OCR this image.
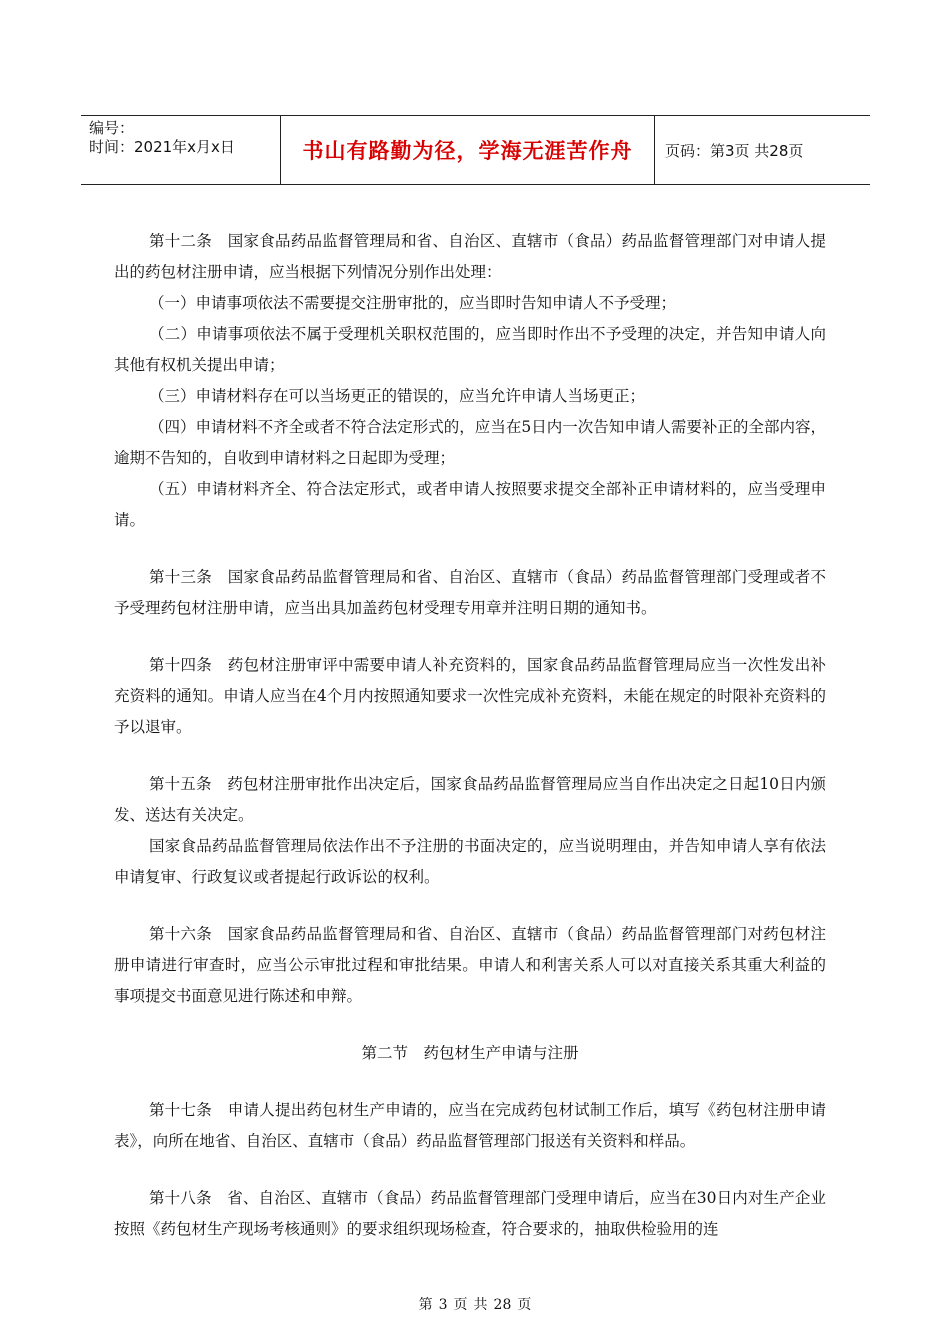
编号：
时间：2021年x月x日	书山有路勤为径，学海无涯苦作舟	页码：第3页 共28页

第十二条　国家食品药品监督管理局和省、自治区、直辖市（食品）药品监督管理部门对申请人提出的药包材注册申请，应当根据下列情况分别作出处理：

（一）申请事项依法不需要提交注册审批的，应当即时告知申请人不予受理；

（二）申请事项依法不属于受理机关职权范围的，应当即时作出不予受理的决定，并告知申请人向其他有权机关提出申请；

（三）申请材料存在可以当场更正的错误的，应当允许申请人当场更正；

（四）申请材料不齐全或者不符合法定形式的，应当在5日内一次告知申请人需要补正的全部内容，逾期不告知的，自收到申请材料之日起即为受理；

（五）申请材料齐全、符合法定形式，或者申请人按照要求提交全部补正申请材料的，应当受理申请。

第十三条　国家食品药品监督管理局和省、自治区、直辖市（食品）药品监督管理部门受理或者不予受理药包材注册申请，应当出具加盖药包材受理专用章并注明日期的通知书。

第十四条　药包材注册审评中需要申请人补充资料的，国家食品药品监督管理局应当一次性发出补充资料的通知。申请人应当在4个月内按照通知要求一次性完成补充资料，未能在规定的时限补充资料的予以退审。

第十五条　药包材注册审批作出决定后，国家食品药品监督管理局应当自作出决定之日起10日内颁发、送达有关决定。

国家食品药品监督管理局依法作出不予注册的书面决定的，应当说明理由，并告知申请人享有依法申请复审、行政复议或者提起行政诉讼的权利。

第十六条　国家食品药品监督管理局和省、自治区、直辖市（食品）药品监督管理部门对药包材注册申请进行审查时，应当公示审批过程和审批结果。申请人和利害关系人可以对直接关系其重大利益的事项提交书面意见进行陈述和申辩。

第二节　药包材生产申请与注册

第十七条　申请人提出药包材生产申请的，应当在完成药包材试制工作后，填写《药包材注册申请表》，向所在地省、自治区、直辖市（食品）药品监督管理部门报送有关资料和样品。

第十八条　省、自治区、直辖市（食品）药品监督管理部门受理申请后，应当在30日内对生产企业按照《药包材生产现场考核通则》的要求组织现场检查，符合要求的，抽取供检验用的连

第 3 页 共 28 页
